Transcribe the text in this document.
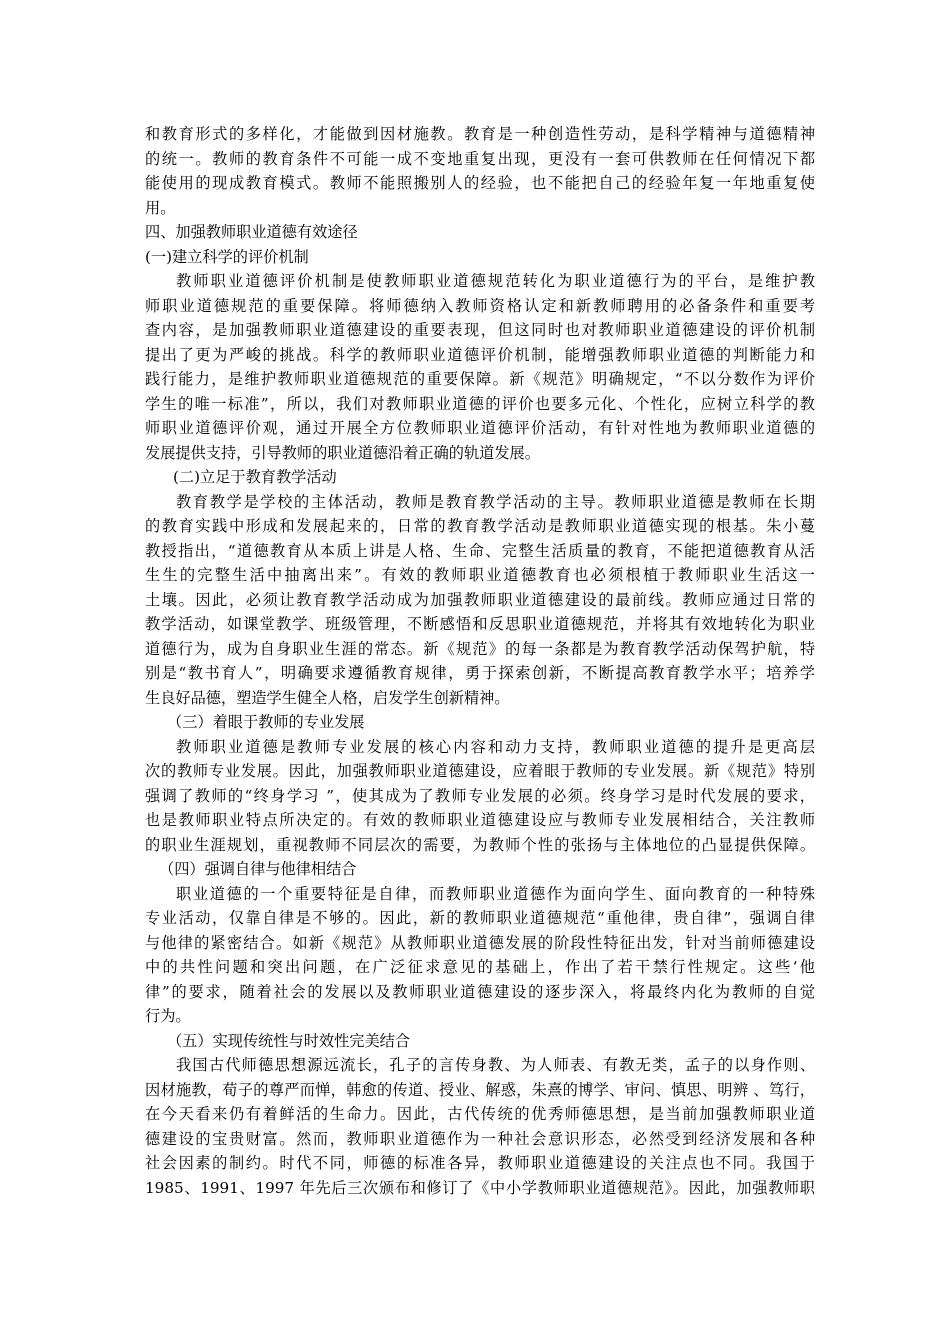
和教育形式的多样化，才能做到因材施教。教育是一种创造性劳动，是科学精神与道德精神
的统一。教师的教育条件不可能一成不变地重复出现，更没有一套可供教师在任何情况下都
能使用的现成教育模式。教师不能照搬别人的经验，也不能把自己的经验年复一年地重复使
用。
四、加强教师职业道德有效途径
(一)建立科学的评价机制
教师职业道德评价机制是使教师职业道德规范转化为职业道德行为的平台，是维护教
师职业道德规范的重要保障。将师德纳入教师资格认定和新教师聘用的必备条件和重要考
查内容，是加强教师职业道德建设的重要表现，但这同时也对教师职业道德建设的评价机制
提出了更为严峻的挑战。科学的教师职业道德评价机制，能增强教师职业道德的判断能力和
践行能力，是维护教师职业道德规范的重要保障。新《规范》明确规定，“不以分数作为评价
学生的唯一标准”，所以，我们对教师职业道德的评价也要多元化、个性化，应树立科学的教
师职业道德评价观，通过开展全方位教师职业道德评价活动，有针对性地为教师职业道德的
发展提供支持，引导教师的职业道德沿着正确的轨道发展。
(二)立足于教育教学活动
教育教学是学校的主体活动，教师是教育教学活动的主导。教师职业道德是教师在长期
的教育实践中形成和发展起来的，日常的教育教学活动是教师职业道德实现的根基。朱小蔓
教授指出，“道德教育从本质上讲是人格、生命、完整生活质量的教育，不能把道德教育从活
生生的完整生活中抽离出来”。有效的教师职业道德教育也必须根植于教师职业生活这一
土壤。因此，必须让教育教学活动成为加强教师职业道德建设的最前线。教师应通过日常的
教学活动，如课堂教学、班级管理，不断感悟和反思职业道德规范，并将其有效地转化为职业
道德行为，成为自身职业生涯的常态。新《规范》的每一条都是为教育教学活动保驾护航，特
别是“教书育人”，明确要求遵循教育规律，勇于探索创新，不断提高教育教学水平；培养学
生良好品德，塑造学生健全人格，启发学生创新精神。
（三）着眼于教师的专业发展
教师职业道德是教师专业发展的核心内容和动力支持，教师职业道德的提升是更高层
次的教师专业发展。因此，加强教师职业道德建设，应着眼于教师的专业发展。新《规范》特别
强调了教师的“终身学习 ”，使其成为了教师专业发展的必须。终身学习是时代发展的要求，
也是教师职业特点所决定的。有效的教师职业道德建设应与教师专业发展相结合，关注教师
的职业生涯规划，重视教师不同层次的需要，为教师个性的张扬与主体地位的凸显提供保障。
（四）强调自律与他律相结合
职业道德的一个重要特征是自律，而教师职业道德作为面向学生、面向教育的一种特殊
专业活动，仅靠自律是不够的。因此，新的教师职业道德规范“重他律，贵自律”，强调自律
与他律的紧密结合。如新《规范》从教师职业道德发展的阶段性特征出发，针对当前师德建设
中的共性问题和突出问题，在广泛征求意见的基础上，作出了若干禁行性规定。这些‘他
律”的要求，随着社会的发展以及教师职业道德建设的逐步深入，将最终内化为教师的自觉
行为。
（五）实现传统性与时效性完美结合
我国古代师德思想源远流长，孔子的言传身教、为人师表、有教无类，孟子的以身作则、
因材施教，荀子的尊严而惮，韩愈的传道、授业、解惑，朱熹的博学、审问、慎思、明辨 、笃行，
在今天看来仍有着鲜活的生命力。因此，古代传统的优秀师德思想，是当前加强教师职业道
德建设的宝贵财富。然而，教师职业道德作为一种社会意识形态，必然受到经济发展和各种
社会因素的制约。时代不同，师德的标准各异，教师职业道德建设的关注点也不同。我国于
1985、1991、1997 年先后三次颁布和修订了《中小学教师职业道德规范》。因此，加强教师职
